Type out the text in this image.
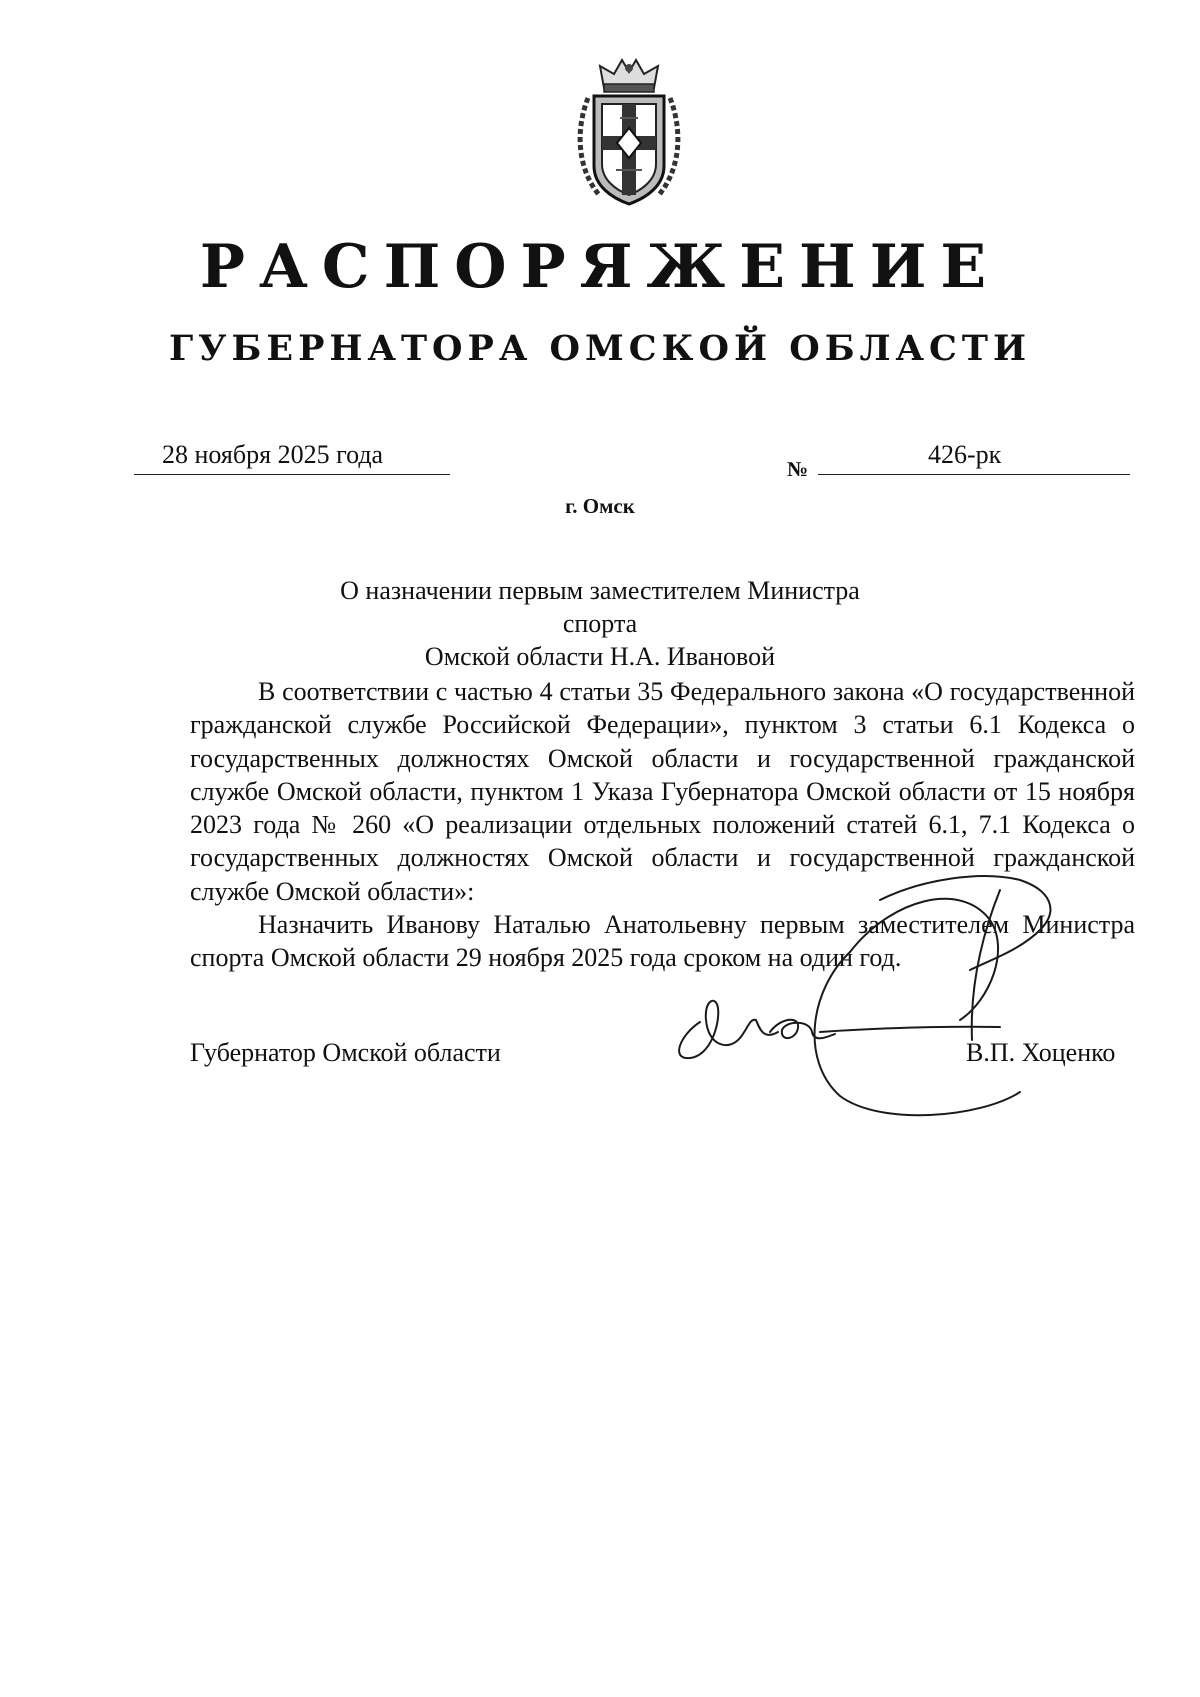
РАСПОРЯЖЕНИЕ
ГУБЕРНАТОРА ОМСКОЙ ОБЛАСТИ
28 ноября 2025 года	№	426-рк
г. Омск
О назначении первым заместителем Министра спорта
Омской области Н.А. Ивановой

В соответствии с частью 4 статьи 35 Федерального закона «О государственной гражданской службе Российской Федерации», пунктом 3 статьи 6.1 Кодекса о государственных должностях Омской области и государственной гражданской службе Омской области, пунктом 1 Указа Губернатора Омской области от 15 ноября 2023 года № 260 «О реализации отдельных положений статей 6.1, 7.1 Кодекса о государственных должностях Омской области и государственной гражданской службе Омской области»:

Назначить Иванову Наталью Анатольевну первым заместителем Министра спорта Омской области 29 ноября 2025 года сроком на один год.

Губернатор Омской области	В.П. Хоценко
